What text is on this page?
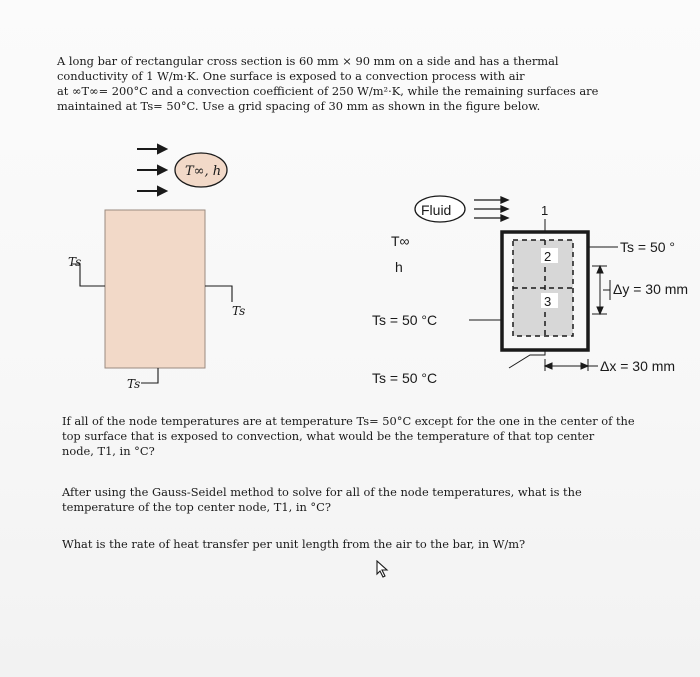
A long bar of rectangular cross section is 60 mm × 90 mm on a side and has a thermal
conductivity of 1 W/m·K. One surface is exposed to a convection process with air
at ∞T∞= 200°C and a convection coefficient of 250 W/m²·K, while the remaining surfaces are
maintained at Ts= 50°C. Use a grid spacing of 30 mm as shown in the figure below.
T∞, h
Ts
Ts
Ts
Fluid	1
2
3
T∞
h
Ts = 50 °
Δy = 30 mm
Ts = 50 °C
Ts = 50 °C
Δx = 30 mm
If all of the node temperatures are at temperature Ts= 50°C except for the one in the center of the
top surface that is exposed to convection, what would be the temperature of that top center
node, T1, in °C?
After using the Gauss-Seidel method to solve for all of the node temperatures, what is the
temperature of the top center node, T1, in °C?
What is the rate of heat transfer per unit length from the air to the bar, in W/m?
